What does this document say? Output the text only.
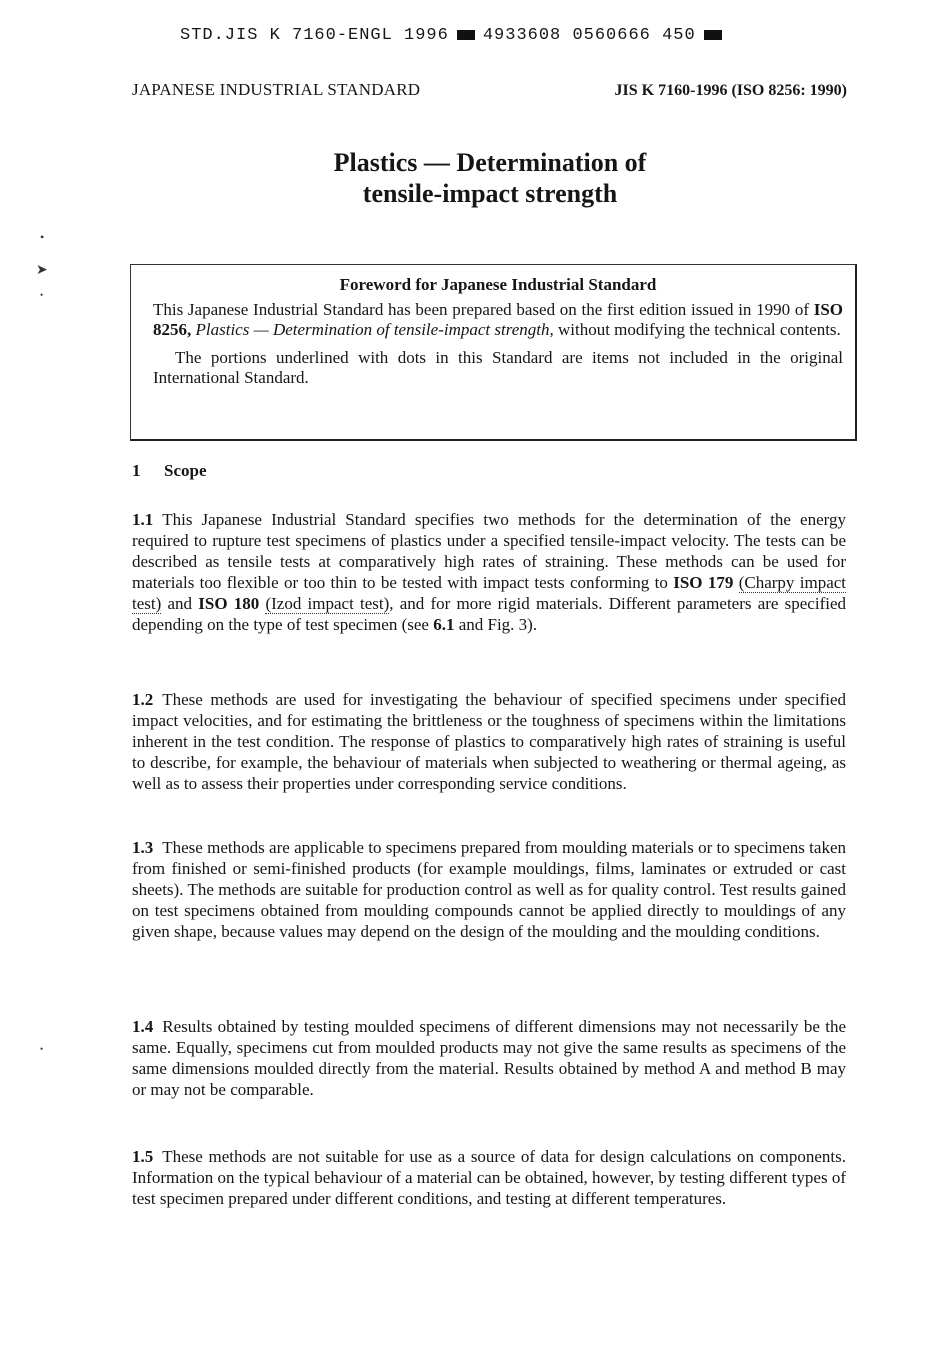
STD.JIS K 7160-ENGL 1996 4933608 0560666 450
JAPANESE INDUSTRIAL STANDARD	JIS K 7160-1996 (ISO 8256: 1990)
Plastics — Determination of
tensile-impact strength
•
➤
•
•
Foreword for Japanese Industrial Standard

This Japanese Industrial Standard has been prepared based on the first edition issued in 1990 of ISO 8256, Plastics — Determination of tensile-impact strength, without modifying the technical contents.

The portions underlined with dots in this Standard are items not included in the original International Standard.

1 Scope

1.1 This Japanese Industrial Standard specifies two methods for the determination of the energy required to rupture test specimens of plastics under a specified tensile-impact velocity. The tests can be described as tensile tests at comparatively high rates of straining. These methods can be used for materials too flexible or too thin to be tested with impact tests conforming to ISO 179 (Charpy impact test) and ISO 180 (Izod impact test), and for more rigid materials. Different parameters are specified depending on the type of test specimen (see 6.1 and Fig. 3).

1.2 These methods are used for investigating the behaviour of specified specimens under specified impact velocities, and for estimating the brittleness or the toughness of specimens within the limitations inherent in the test condition. The response of plastics to comparatively high rates of straining is useful to describe, for example, the behaviour of materials when subjected to weathering or thermal ageing, as well as to assess their properties under corresponding service conditions.

1.3 These methods are applicable to specimens prepared from moulding materials or to specimens taken from finished or semi-finished products (for example mouldings, films, laminates or extruded or cast sheets). The methods are suitable for production control as well as for quality control. Test results gained on test specimens obtained from moulding compounds cannot be applied directly to mouldings of any given shape, because values may depend on the design of the moulding and the moulding conditions.

1.4 Results obtained by testing moulded specimens of different dimensions may not necessarily be the same. Equally, specimens cut from moulded products may not give the same results as specimens of the same dimensions moulded directly from the material. Results obtained by method A and method B may or may not be comparable.

1.5 These methods are not suitable for use as a source of data for design calculations on components. Information on the typical behaviour of a material can be obtained, however, by testing different types of test specimen prepared under different conditions, and testing at different temperatures.
